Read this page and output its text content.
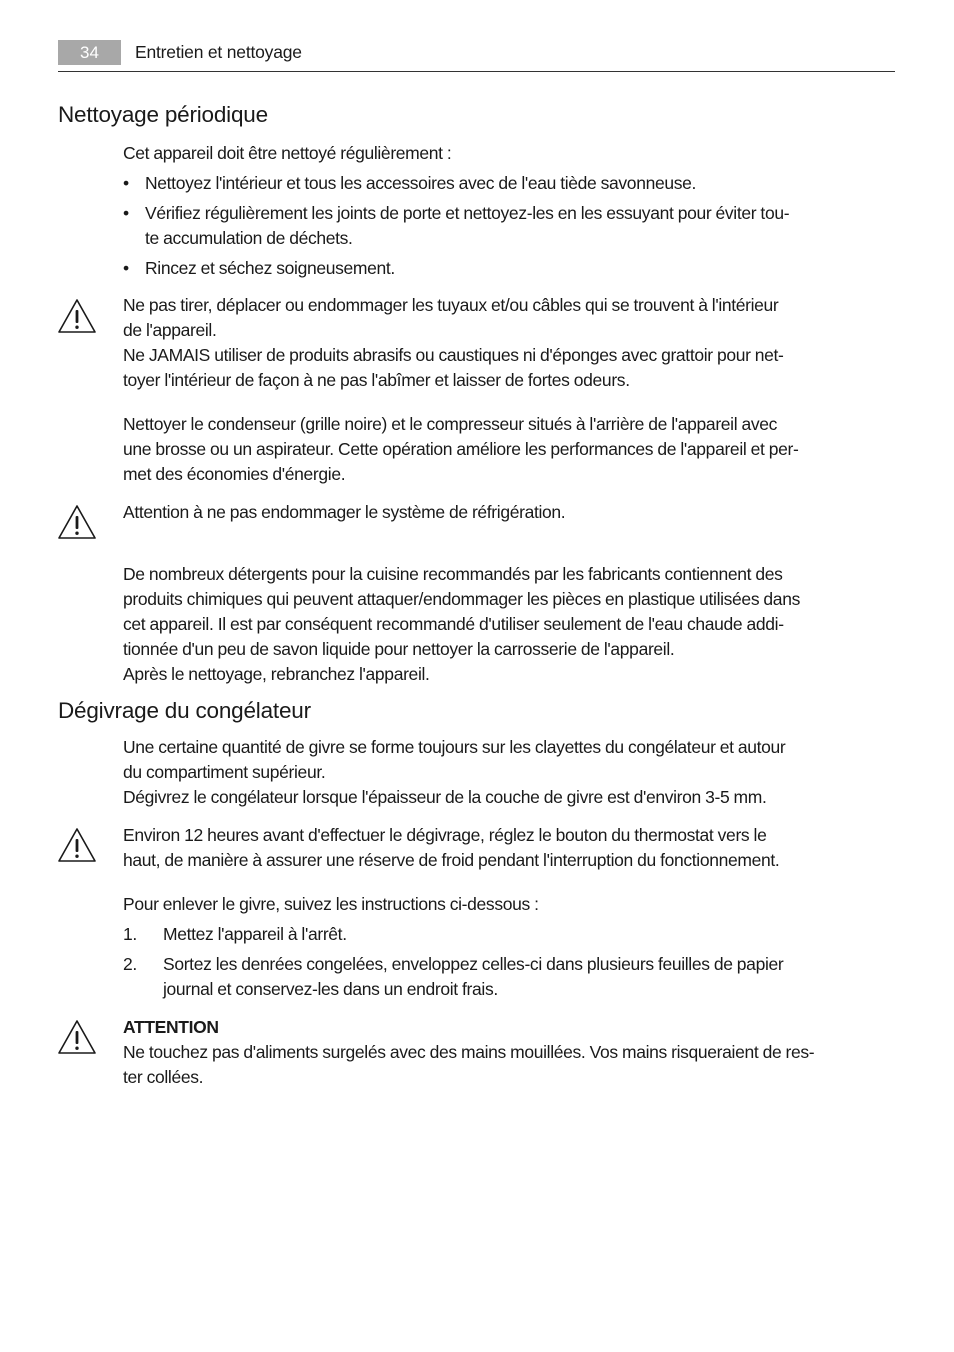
34	Entretien et nettoyage
Nettoyage périodique
Cet appareil doit être nettoyé régulièrement :
• Nettoyez l'intérieur et tous les accessoires avec de l'eau tiède savonneuse.
• Vérifiez régulièrement les joints de porte et nettoyez-les en les essuyant pour éviter tou-
te accumulation de déchets.
• Rincez et séchez soigneusement.
Ne pas tirer, déplacer ou endommager les tuyaux et/ou câbles qui se trouvent à l'intérieur
de l'appareil.
Ne JAMAIS utiliser de produits abrasifs ou caustiques ni d'éponges avec grattoir pour net-
toyer l'intérieur de façon à ne pas l'abîmer et laisser de fortes odeurs.
Nettoyer le condenseur (grille noire) et le compresseur situés à l'arrière de l'appareil avec
une brosse ou un aspirateur. Cette opération améliore les performances de l'appareil et per-
met des économies d'énergie.
Attention à ne pas endommager le système de réfrigération.
De nombreux détergents pour la cuisine recommandés par les fabricants contiennent des
produits chimiques qui peuvent attaquer/endommager les pièces en plastique utilisées dans
cet appareil. Il est par conséquent recommandé d'utiliser seulement de l'eau chaude addi-
tionnée d'un peu de savon liquide pour nettoyer la carrosserie de l'appareil.
Après le nettoyage, rebranchez l'appareil.
Dégivrage du congélateur
Une certaine quantité de givre se forme toujours sur les clayettes du congélateur et autour
du compartiment supérieur.
Dégivrez le congélateur lorsque l'épaisseur de la couche de givre est d'environ 3-5 mm.
Environ 12 heures avant d'effectuer le dégivrage, réglez le bouton du thermostat vers le
haut, de manière à assurer une réserve de froid pendant l'interruption du fonctionnement.
Pour enlever le givre, suivez les instructions ci-dessous :
1. Mettez l'appareil à l'arrêt.
2. Sortez les denrées congelées, enveloppez celles-ci dans plusieurs feuilles de papier
journal et conservez-les dans un endroit frais.
ATTENTION
Ne touchez pas d'aliments surgelés avec des mains mouillées. Vos mains risqueraient de res-
ter collées.
